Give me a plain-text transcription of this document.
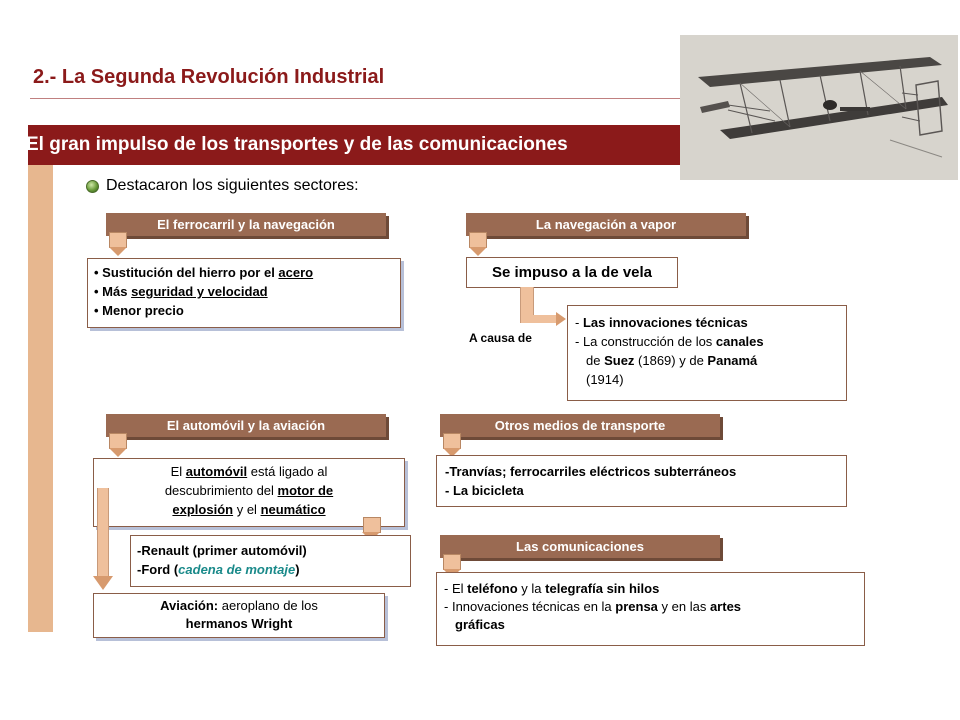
2.- La Segunda Revolución Industrial
El gran impulso de los transportes y de las comunicaciones
Destacaron los siguientes sectores:
El ferrocarril y la navegación
• Sustitución del hierro por el acero
• Más seguridad y velocidad
• Menor precio
La navegación a vapor
Se impuso a la de vela
A causa de
- Las innovaciones técnicas
- La construcción de los canales
de Suez (1869) y de Panamá
(1914)
El automóvil y la aviación
El automóvil está ligado al
descubrimiento del motor de
explosión y el neumático
-Renault (primer automóvil)
-Ford (cadena de montaje)
Aviación: aeroplano de los
hermanos Wright
Otros medios de transporte
-Tranvías; ferrocarriles eléctricos subterráneos
- La bicicleta
Las comunicaciones
- El teléfono y la telegrafía sin hilos
- Innovaciones técnicas en la prensa y en las artes
gráficas
